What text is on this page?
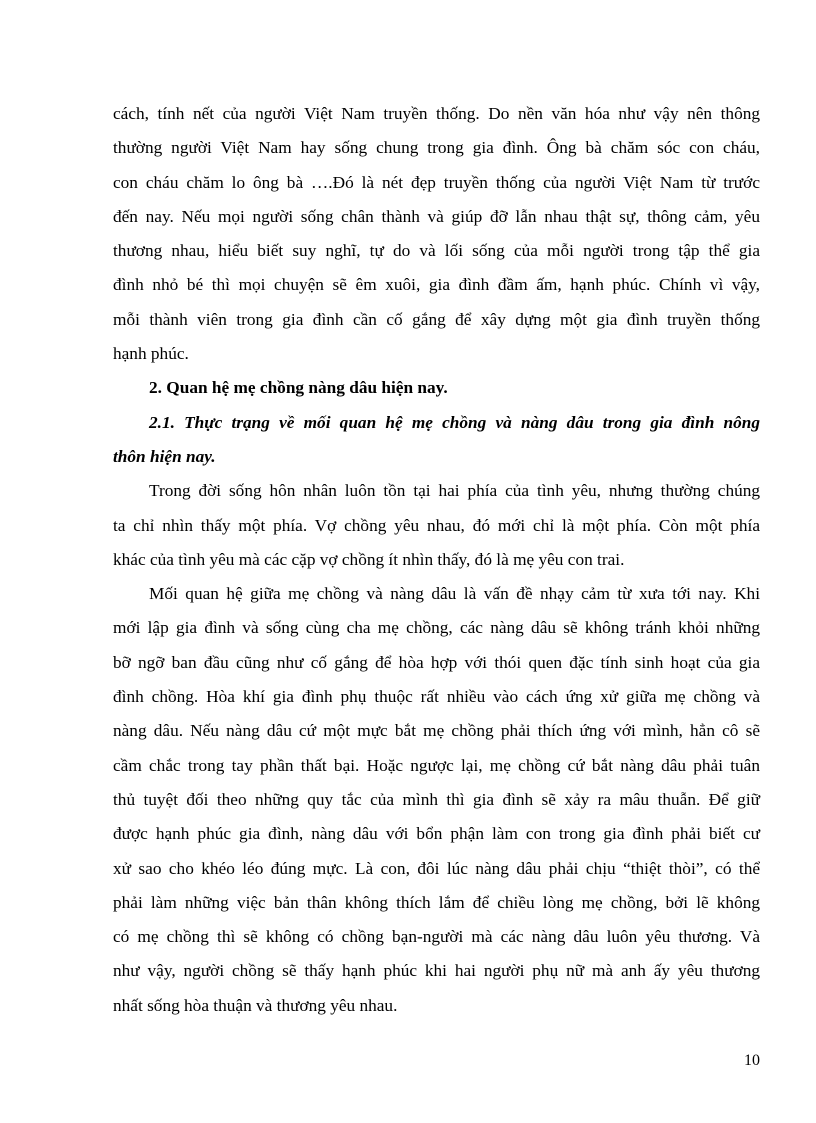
cách, tính nết của người Việt Nam truyền thống. Do nền văn hóa như vậy nên thông
thường người Việt Nam hay sống chung trong gia đình. Ông bà chăm sóc con cháu,
con cháu chăm lo ông bà ….Đó là nét đẹp truyền thống của người Việt Nam từ trước
đến nay. Nếu mọi người sống chân thành và giúp đỡ lẫn nhau thật sự, thông cảm, yêu
thương nhau, hiểu biết suy nghĩ, tự do và lối sống của mỗi người trong tập thể gia
đình nhỏ bé thì mọi chuyện sẽ êm xuôi, gia đình đầm ấm, hạnh phúc. Chính vì vậy,
mỗi thành viên trong gia đình cần cố gắng để xây dựng một gia đình truyền thống
hạnh phúc.
2. Quan hệ mẹ chồng nàng dâu hiện nay.
2.1. Thực trạng về mối quan hệ mẹ chồng và nàng dâu trong gia đình nông
thôn hiện nay.
Trong đời sống hôn nhân luôn tồn tại hai phía của tình yêu, nhưng thường chúng
ta chỉ nhìn thấy một phía. Vợ chồng yêu nhau, đó mới chỉ là một phía. Còn một phía
khác của tình yêu mà các cặp vợ chồng ít nhìn thấy, đó là mẹ yêu con trai.
Mối quan hệ giữa mẹ chồng và nàng dâu là vấn đề nhạy cảm từ xưa tới nay. Khi
mới lập gia đình và sống cùng cha mẹ chồng, các nàng dâu sẽ không tránh khỏi những
bỡ ngỡ ban đầu cũng như cố gắng để hòa hợp với thói quen đặc tính sinh hoạt của gia
đình chồng. Hòa khí gia đình phụ thuộc rất nhiều vào cách ứng xử giữa mẹ chồng và
nàng dâu. Nếu nàng dâu cứ một mực bắt mẹ chồng phải thích ứng với mình, hẳn cô sẽ
cầm chắc trong tay phần thất bại. Hoặc ngược lại, mẹ chồng cứ bắt nàng dâu phải tuân
thủ tuyệt đối theo những quy tắc của mình thì gia đình sẽ xảy ra mâu thuẫn. Để giữ
được hạnh phúc gia đình, nàng dâu với bổn phận làm con trong gia đình phải biết cư
xử sao cho khéo léo đúng mực. Là con, đôi lúc nàng dâu phải chịu “thiệt thòi”, có thể
phải làm những việc bản thân không thích lắm để chiều lòng mẹ chồng, bởi lẽ không
có mẹ chồng thì sẽ không có chồng bạn-người mà các nàng dâu luôn yêu thương. Và
như vậy, người chồng sẽ thấy hạnh phúc khi hai người phụ nữ mà anh ấy yêu thương
nhất sống hòa thuận và thương yêu nhau.
10
